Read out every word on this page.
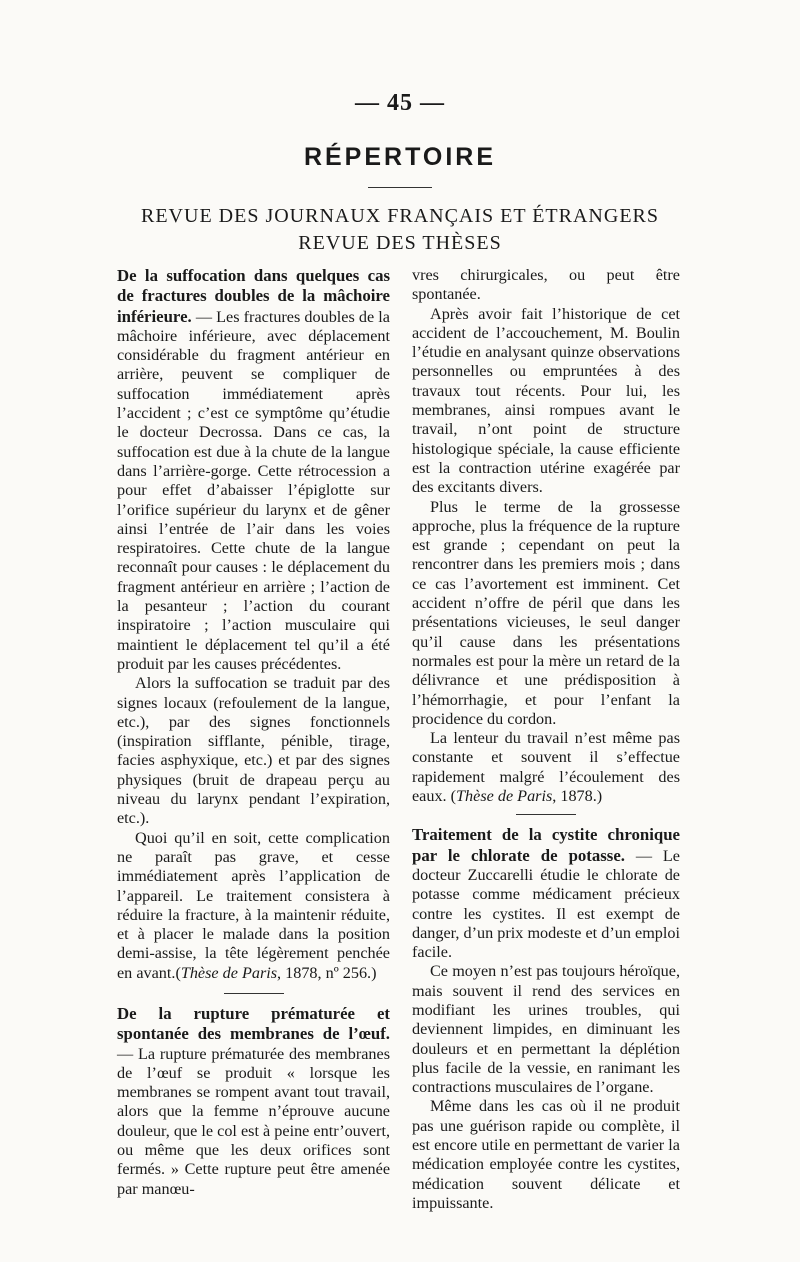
— 45 —
RÉPERTOIRE
REVUE DES JOURNAUX FRANÇAIS ET ÉTRANGERS
REVUE DES THÈSES

De la suffocation dans quelques cas de fractures doubles de la mâchoire inférieure. — Les fractures doubles de la mâchoire inférieure, avec déplacement considérable du fragment antérieur en arrière, peuvent se compliquer de suffocation immédiatement après l’accident ; c’est ce symptôme qu’étudie le docteur Decrossa. Dans ce cas, la suffocation est due à la chute de la langue dans l’arrière-gorge. Cette rétrocession a pour effet d’abaisser l’épiglotte sur l’orifice supérieur du larynx et de gêner ainsi l’entrée de l’air dans les voies respiratoires. Cette chute de la langue reconnaît pour causes : le déplacement du fragment antérieur en arrière ; l’action de la pesanteur ; l’action du courant inspiratoire ; l’action musculaire qui maintient le déplacement tel qu’il a été produit par les causes précédentes.

Alors la suffocation se traduit par des signes locaux (refoulement de la langue, etc.), par des signes fonctionnels (inspiration sifflante, pénible, tirage, facies asphyxique, etc.) et par des signes physiques (bruit de drapeau perçu au niveau du larynx pendant l’expiration, etc.).

Quoi qu’il en soit, cette complication ne paraît pas grave, et cesse immédiatement après l’application de l’appareil. Le traitement consistera à réduire la fracture, à la maintenir réduite, et à placer le malade dans la position demi-assise, la tête légèrement penchée en avant.(Thèse de Paris, 1878, nº 256.)

De la rupture prématurée et spontanée des membranes de l’œuf. — La rupture prématurée des membranes de l’œuf se produit « lorsque les membranes se rompent avant tout travail, alors que la femme n’éprouve aucune douleur, que le col est à peine entr’ouvert, ou même que les deux orifices sont fermés. » Cette rupture peut être amenée par manœu-

vres chirurgicales, ou peut être spontanée.

Après avoir fait l’historique de cet accident de l’accouchement, M. Boulin l’étudie en analysant quinze observations personnelles ou empruntées à des travaux tout récents. Pour lui, les membranes, ainsi rompues avant le travail, n’ont point de structure histologique spéciale, la cause efficiente est la contraction utérine exagérée par des excitants divers.

Plus le terme de la grossesse approche, plus la fréquence de la rupture est grande ; cependant on peut la rencontrer dans les premiers mois ; dans ce cas l’avortement est imminent. Cet accident n’offre de péril que dans les présentations vicieuses, le seul danger qu’il cause dans les présentations normales est pour la mère un retard de la délivrance et une prédisposition à l’hémorrhagie, et pour l’enfant la procidence du cordon.

La lenteur du travail n’est même pas constante et souvent il s’effectue rapidement malgré l’écoulement des eaux. (Thèse de Paris, 1878.)

Traitement de la cystite chronique par le chlorate de potasse. — Le docteur Zuccarelli étudie le chlorate de potasse comme médicament précieux contre les cystites. Il est exempt de danger, d’un prix modeste et d’un emploi facile.

Ce moyen n’est pas toujours héroïque, mais souvent il rend des services en modifiant les urines troubles, qui deviennent limpides, en diminuant les douleurs et en permettant la déplétion plus facile de la vessie, en ranimant les contractions musculaires de l’organe.

Même dans les cas où il ne produit pas une guérison rapide ou complète, il est encore utile en permettant de varier la médication employée contre les cystites, médication souvent délicate et impuissante.
